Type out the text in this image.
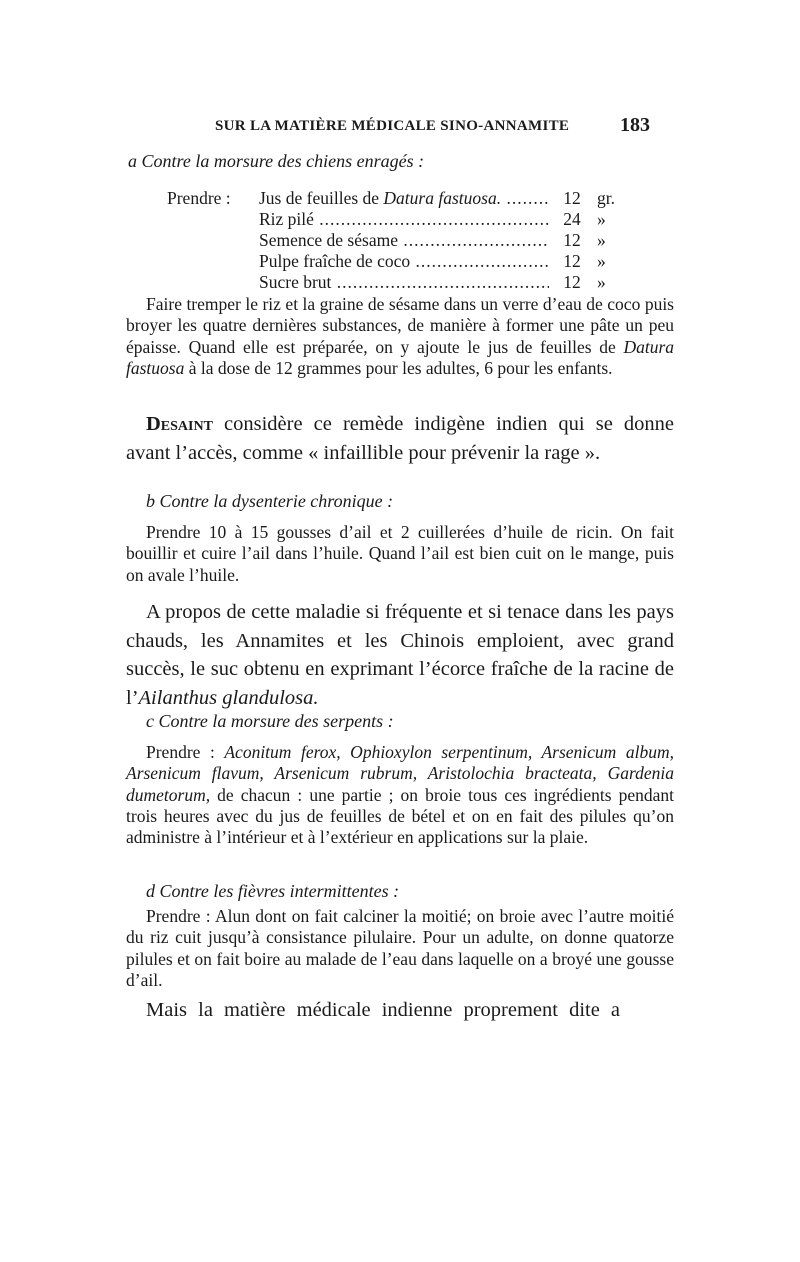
SUR LA MATIÈRE MÉDICALE SINO-ANNAMITE	183
a Contre la morsure des chiens enragés :
Prendre : Jus de feuilles de Datura fastuosa. .....	12 gr.
Riz pilé .....	24 »
Semence de sésame .....	12 »
Pulpe fraîche de coco .....	12 »
Sucre brut .....	12 »

Faire tremper le riz et la graine de sésame dans un verre d’eau de coco puis broyer les quatre dernières substances, de manière à former une pâte un peu épaisse. Quand elle est préparée, on y ajoute le jus de feuilles de Datura fastuosa à la dose de 12 grammes pour les adultes, 6 pour les enfants.

Desaint considère ce remède indigène indien qui se donne avant l’accès, comme « infaillible pour prévenir la rage ».

b Contre la dysenterie chronique :

Prendre 10 à 15 gousses d’ail et 2 cuillerées d’huile de ricin. On fait bouillir et cuire l’ail dans l’huile. Quand l’ail est bien cuit on le mange, puis on avale l’huile.

A propos de cette maladie si fréquente et si tenace dans les pays chauds, les Annamites et les Chinois emploient, avec grand succès, le suc obtenu en exprimant l’écorce fraîche de la racine de l’Ailanthus glandulosa.

c Contre la morsure des serpents :

Prendre : Aconitum ferox, Ophioxylon serpentinum, Arsenicum album, Arsenicum flavum, Arsenicum rubrum, Aristolochia bracteata, Gardenia dumetorum, de chacun : une partie ; on broie tous ces ingrédients pendant trois heures avec du jus de feuilles de bétel et on en fait des pilules qu’on administre à l’intérieur et à l’extérieur en applications sur la plaie.

d Contre les fièvres intermittentes :

Prendre : Alun dont on fait calciner la moitié; on broie avec l’autre moitié du riz cuit jusqu’à consistance pilulaire. Pour un adulte, on donne quatorze pilules et on fait boire au malade de l’eau dans laquelle on a broyé une gousse d’ail.

Mais la matière médicale indienne proprement dite a
